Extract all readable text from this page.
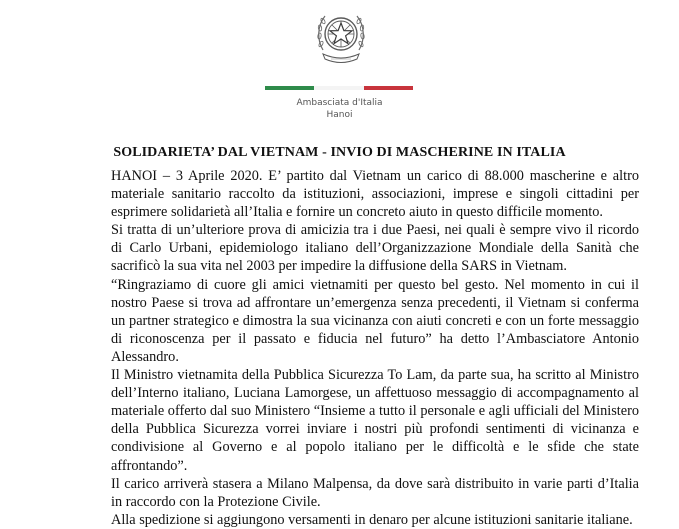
Ambasciata d'Italia
Hanoi
SOLIDARIETA’ DAL VIETNAM - INVIO DI MASCHERINE IN ITALIA

HANOI – 3 Aprile 2020. E’ partito dal Vietnam un carico di 88.000 mascherine e altro materiale sanitario raccolto da istituzioni, associazioni, imprese e singoli cittadini per esprimere solidarietà all’Italia e fornire un concreto aiuto in questo difficile momento.

Si tratta di un’ulteriore prova di amicizia tra i due Paesi, nei quali è sempre vivo il ricordo di Carlo Urbani, epidemiologo italiano dell’Organizzazione Mondiale della Sanità che sacrificò la sua vita nel 2003 per impedire la diffusione della SARS in Vietnam.

“Ringraziamo di cuore gli amici vietnamiti per questo bel gesto. Nel momento in cui il nostro Paese si trova ad affrontare un’emergenza senza precedenti, il Vietnam si conferma un partner strategico e dimostra la sua vicinanza con aiuti concreti e con un forte messaggio di riconoscenza per il passato e fiducia nel futuro” ha detto l’Ambasciatore Antonio Alessandro.

Il Ministro vietnamita della Pubblica Sicurezza To Lam, da parte sua, ha scritto al Ministro dell’Interno italiano, Luciana Lamorgese, un affettuoso messaggio di accompagnamento al materiale offerto dal suo Ministero “Insieme a tutto il personale e agli ufficiali del Ministero della Pubblica Sicurezza vorrei inviare i nostri più profondi sentimenti di vicinanza e condivisione al Governo e al popolo italiano per le difficoltà e le sfide che state affrontando”.

Il carico arriverà stasera a Milano Malpensa, da dove sarà distribuito in varie parti d’Italia in raccordo con la Protezione Civile.

Alla spedizione si aggiungono versamenti in denaro per alcune istituzioni sanitarie italiane.
